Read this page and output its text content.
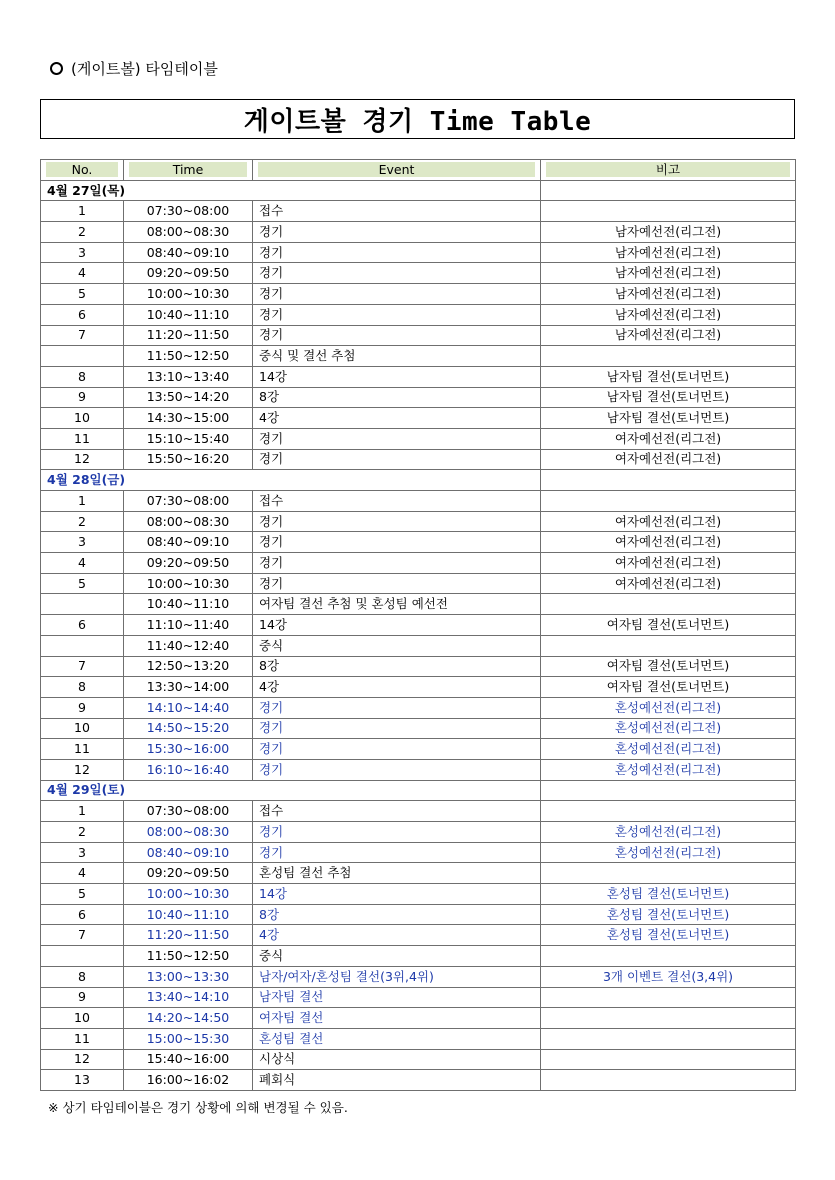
(게이트볼) 타임테이블
게이트볼 경기 Time Table
No.	Time	Event	비고

4월 27일(목)			
1	07:30~08:00	접수	
2	08:00~08:30	경기	남자예선전(리그전)
3	08:40~09:10	경기	남자예선전(리그전)
4	09:20~09:50	경기	남자예선전(리그전)
5	10:00~10:30	경기	남자예선전(리그전)
6	10:40~11:10	경기	남자예선전(리그전)
7	11:20~11:50	경기	남자예선전(리그전)
	11:50~12:50	중식 및 결선 추첨	
8	13:10~13:40	14강	남자팀 결선(토너먼트)
9	13:50~14:20	8강	남자팀 결선(토너먼트)
10	14:30~15:00	4강	남자팀 결선(토너먼트)
11	15:10~15:40	경기	여자예선전(리그전)
12	15:50~16:20	경기	여자예선전(리그전)
4월 28일(금)			
1	07:30~08:00	접수	
2	08:00~08:30	경기	여자예선전(리그전)
3	08:40~09:10	경기	여자예선전(리그전)
4	09:20~09:50	경기	여자예선전(리그전)
5	10:00~10:30	경기	여자예선전(리그전)
	10:40~11:10	여자팀 결선 추첨 및 혼성팀 예선전	
6	11:10~11:40	14강	여자팀 결선(토너먼트)
	11:40~12:40	중식	
7	12:50~13:20	8강	여자팀 결선(토너먼트)
8	13:30~14:00	4강	여자팀 결선(토너먼트)
9	14:10~14:40	경기	혼성예선전(리그전)
10	14:50~15:20	경기	혼성예선전(리그전)
11	15:30~16:00	경기	혼성예선전(리그전)
12	16:10~16:40	경기	혼성예선전(리그전)
4월 29일(토)			
1	07:30~08:00	접수	
2	08:00~08:30	경기	혼성예선전(리그전)
3	08:40~09:10	경기	혼성예선전(리그전)
4	09:20~09:50	혼성팀 결선 추첨	
5	10:00~10:30	14강	혼성팀 결선(토너먼트)
6	10:40~11:10	8강	혼성팀 결선(토너먼트)
7	11:20~11:50	4강	혼성팀 결선(토너먼트)
	11:50~12:50	중식	
8	13:00~13:30	남자/여자/혼성팀 결선(3위,4위)	3개 이벤트 결선(3,4위)
9	13:40~14:10	남자팀 결선	
10	14:20~14:50	여자팀 결선	
11	15:00~15:30	혼성팀 결선	
12	15:40~16:00	시상식	
13	16:00~16:02	폐회식	
※ 상기 타임테이블은 경기 상황에 의해 변경될 수 있음.
